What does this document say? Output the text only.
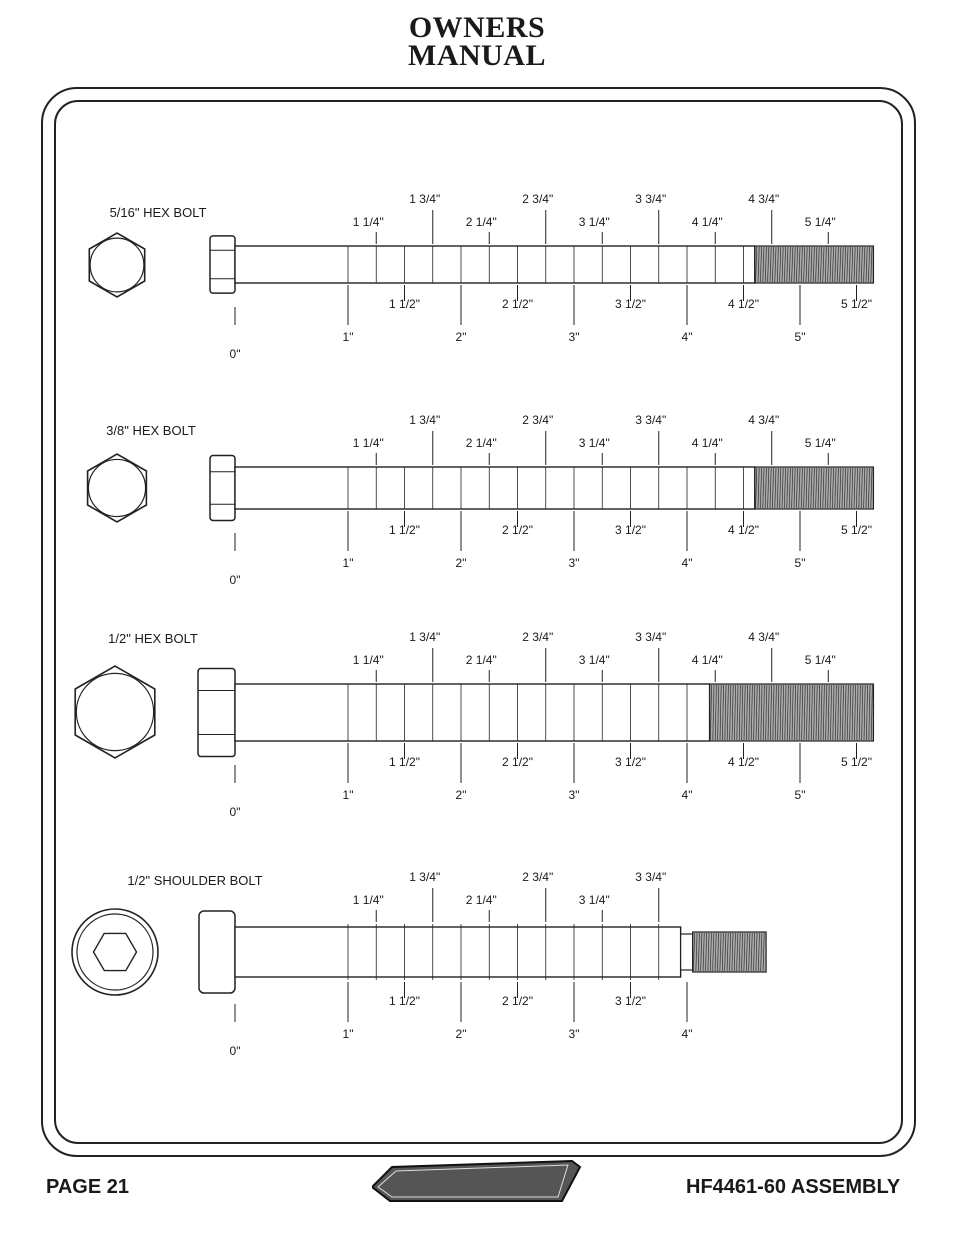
OWNERS
MANUAL
5/16" HEX BOLT
0"
1"	2"	3"	4"	5"
1 1/2"	2 1/2"	3 1/2"	4 1/2"	5 1/2"
1 1/4"	2 1/4"	3 1/4"	4 1/4"	5 1/4"
1 3/4"	2 3/4"	3 3/4"	4 3/4"
3/8" HEX BOLT
0"
1"	2"	3"	4"	5"
1 1/2"	2 1/2"	3 1/2"	4 1/2"	5 1/2"
1 1/4"	2 1/4"	3 1/4"	4 1/4"	5 1/4"
1 3/4"	2 3/4"	3 3/4"	4 3/4"
1/2" HEX BOLT
0"
1"	2"	3"	4"	5"
1 1/2"	2 1/2"	3 1/2"	4 1/2"	5 1/2"
1 1/4"	2 1/4"	3 1/4"	4 1/4"	5 1/4"
1 3/4"	2 3/4"	3 3/4"	4 3/4"
1/2" SHOULDER BOLT
0"
1"	2"	3"	4"
1 1/2"	2 1/2"	3 1/2"
1 1/4"	2 1/4"	3 1/4"
1 3/4"	2 3/4"	3 3/4"
PAGE 21	HF4461-60 ASSEMBLY
